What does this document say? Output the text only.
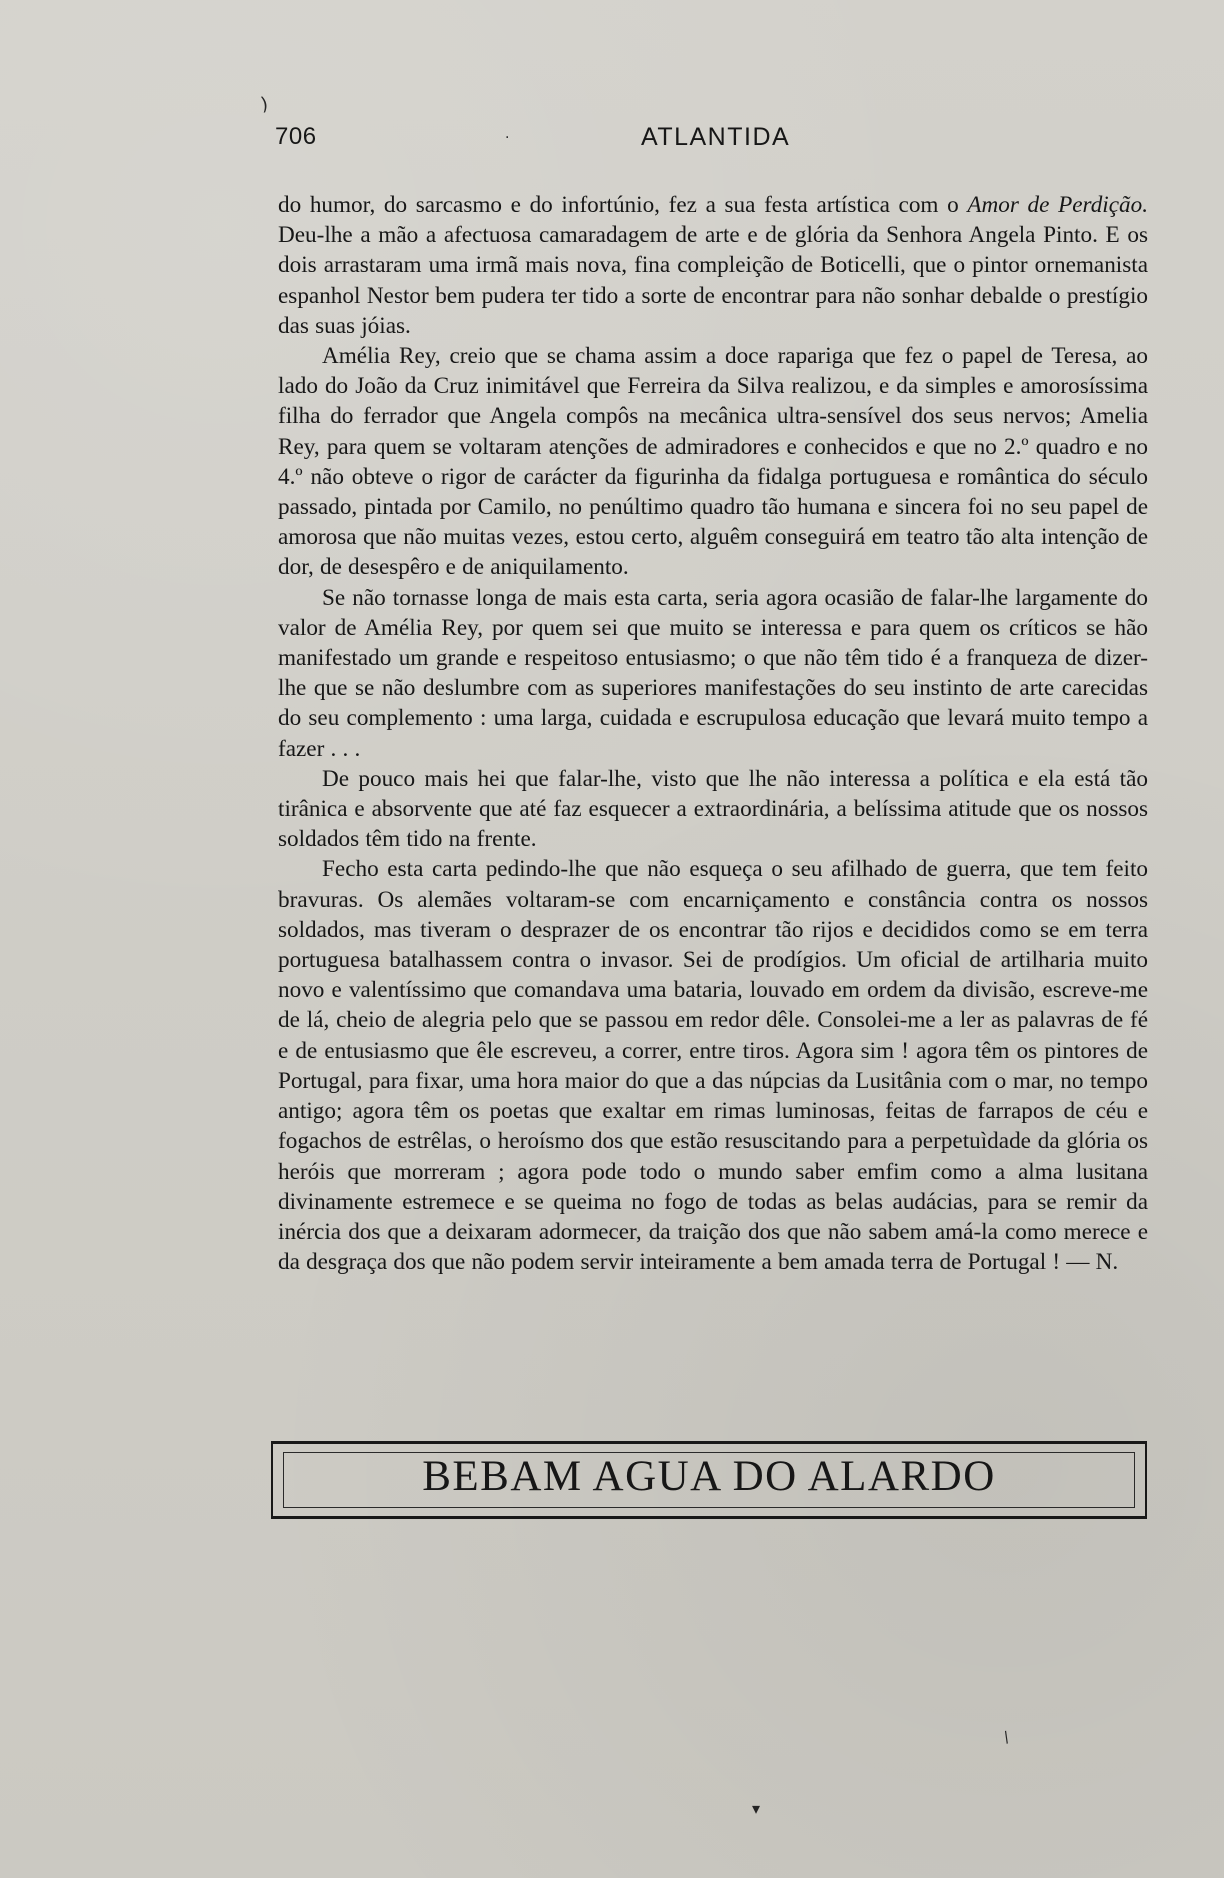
)
·
▾
/
706	ATLANTIDA

do humor, do sarcasmo e do infortúnio, fez a sua festa artística com o Amor de Perdição. Deu-lhe a mão a afectuosa camaradagem de arte e de glória da Senhora Angela Pinto. E os dois arrastaram uma irmã mais nova, fina compleição de Boticelli, que o pintor ornemanista espanhol Nestor bem pudera ter tido a sorte de encontrar para não sonhar debalde o prestígio das suas jóias.

Amélia Rey, creio que se chama assim a doce rapariga que fez o papel de Teresa, ao lado do João da Cruz inimitável que Ferreira da Silva realizou, e da simples e amorosíssima filha do ferrador que Angela compôs na mecânica ultra-sensível dos seus nervos; Amelia Rey, para quem se voltaram atenções de admiradores e conhecidos e que no 2.º quadro e no 4.º não obteve o rigor de carácter da figurinha da fidalga portuguesa e romântica do século passado, pintada por Camilo, no penúltimo quadro tão humana e sincera foi no seu papel de amorosa que não muitas vezes, estou certo, alguêm conseguirá em teatro tão alta intenção de dor, de desespêro e de aniquilamento.

Se não tornasse longa de mais esta carta, seria agora ocasião de falar-lhe largamente do valor de Amélia Rey, por quem sei que muito se interessa e para quem os críticos se hão manifestado um grande e respeitoso entusiasmo; o que não têm tido é a franqueza de dizer-lhe que se não deslumbre com as superiores manifestações do seu instinto de arte carecidas do seu complemento : uma larga, cuidada e escrupulosa educação que levará muito tempo a fazer . . .

De pouco mais hei que falar-lhe, visto que lhe não interessa a política e ela está tão tirânica e absorvente que até faz esquecer a extraordinária, a belíssima atitude que os nossos soldados têm tido na frente.

Fecho esta carta pedindo-lhe que não esqueça o seu afilhado de guerra, que tem feito bravuras. Os alemães voltaram-se com encarniçamento e constância contra os nossos soldados, mas tiveram o desprazer de os encontrar tão rijos e decididos como se em terra portuguesa batalhassem contra o invasor. Sei de prodígios. Um oficial de artilharia muito novo e valentíssimo que comandava uma bataria, louvado em ordem da divisão, escreve-me de lá, cheio de alegria pelo que se passou em redor dêle. Consolei-me a ler as palavras de fé e de entusiasmo que êle escreveu, a correr, entre tiros. Agora sim ! agora têm os pintores de Portugal, para fixar, uma hora maior do que a das núpcias da Lusitânia com o mar, no tempo antigo; agora têm os poetas que exaltar em rimas luminosas, feitas de farrapos de céu e fogachos de estrêlas, o heroísmo dos que estão resuscitando para a perpetuìdade da glória os heróis que morreram ; agora pode todo o mundo saber emfim como a alma lusitana divinamente estremece e se queima no fogo de todas as belas audácias, para se remir da inércia dos que a deixaram adormecer, da traição dos que não sabem amá-la como merece e da desgraça dos que não podem servir inteiramente a bem amada terra de Portugal ! — N.

BEBAM AGUA DO ALARDO
